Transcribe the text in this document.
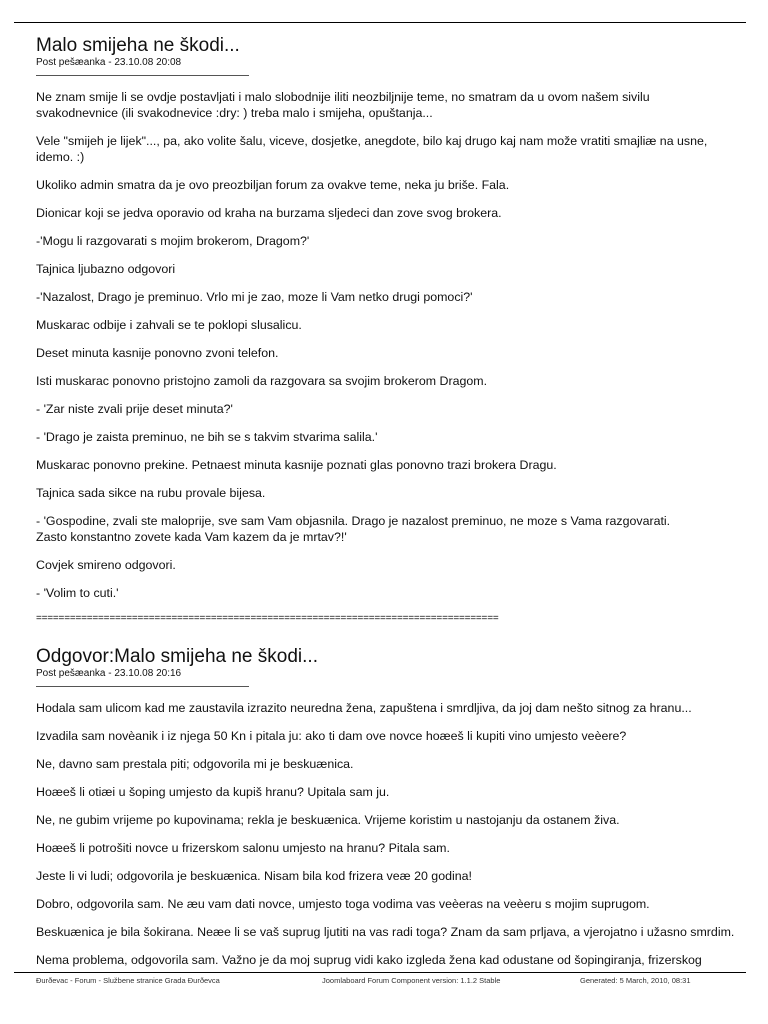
Malo smijeha ne škodi...
Post pešæanka - 23.10.08 20:08

Ne znam smije li se ovdje postavljati i malo slobodnije iliti neozbiljnije teme, no smatram da u ovom našem sivilu
svakodnevnice (ili svakodnevice :dry: ) treba malo i smijeha, opuštanja...

Vele "smijeh je lijek"..., pa, ako volite šalu, viceve, dosjetke, anegdote, bilo kaj drugo kaj nam može vratiti smajliæ na usne,
idemo. :)

Ukoliko admin smatra da je ovo preozbiljan forum za ovakve teme, neka ju briše. Fala.

Dionicar koji se jedva oporavio od kraha na burzama sljedeci dan zove svog brokera.

-'Mogu li razgovarati s mojim brokerom, Dragom?'

Tajnica ljubazno odgovori

-'Nazalost, Drago je preminuo. Vrlo mi je zao, moze li Vam netko drugi pomoci?'

Muskarac odbije i zahvali se te poklopi slusalicu.

Deset minuta kasnije ponovno zvoni telefon.

Isti muskarac ponovno pristojno zamoli da razgovara sa svojim brokerom Dragom.

- 'Zar niste zvali prije deset minuta?'

- 'Drago je zaista preminuo, ne bih se s takvim stvarima salila.'

Muskarac ponovno prekine. Petnaest minuta kasnije poznati glas ponovno trazi brokera Dragu.

Tajnica sada sikce na rubu provale bijesa.

- 'Gospodine, zvali ste maloprije, sve sam Vam objasnila. Drago je nazalost preminuo, ne moze s Vama razgovarati.
Zasto konstantno zovete kada Vam kazem da je mrtav?!'

Covjek smireno odgovori.

- 'Volim to cuti.'

==================================================================================

Odgovor:Malo smijeha ne škodi...
Post pešæanka - 23.10.08 20:16

Hodala sam ulicom kad me zaustavila izrazito neuredna žena, zapuštena i smrdljiva, da joj dam nešto sitnog za hranu...

Izvadila sam novèanik i iz njega 50 Kn i pitala ju: ako ti dam ove novce hoæeš li kupiti vino umjesto veèere?

Ne, davno sam prestala piti; odgovorila mi je beskuænica.

Hoæeš li otiæi u šoping umjesto da kupiš hranu? Upitala sam ju.

Ne, ne gubim vrijeme po kupovinama; rekla je beskuænica. Vrijeme koristim u nastojanju da ostanem živa.

Hoæeš li potrošiti novce u frizerskom salonu umjesto na hranu? Pitala sam.

Jeste li vi ludi; odgovorila je beskuænica. Nisam bila kod frizera veæ 20 godina!

Dobro, odgovorila sam. Ne æu vam dati novce, umjesto toga vodima vas veèeras na veèeru s mojim suprugom.

Beskuænica je bila šokirana. Neæe li se vaš suprug ljutiti na vas radi toga? Znam da sam prljava, a vjerojatno i užasno smrdim.

Nema problema, odgovorila sam. Važno je da moj suprug vidi kako izgleda žena kad odustane od šopingiranja, frizerskog

Ðurðevac - Forum - Službene stranice Grada Ðurðevca	Joomlaboard Forum Component version: 1.1.2 Stable	Generated: 5 March, 2010, 08:31
